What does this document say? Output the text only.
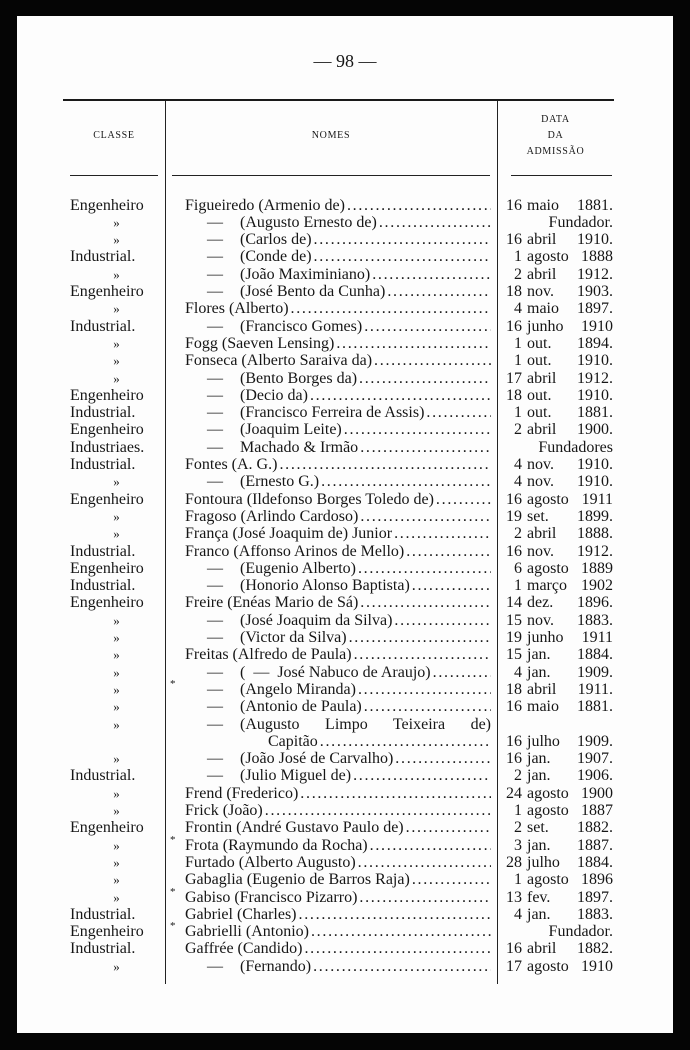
— 98 —
CLASSE	NOMES
DATA
DA
ADMISSÃO
Engenheiro	Figueiredo (Armenio de) .....	16 maio 1881.
»	— (Augusto Ernesto de) .....	Fundador.
»	— (Carlos de) .....	16 abril 1910.
Industrial.	— (Conde de) .....	1 agosto 1888
»	— (João Maximiniano) .....	2 abril 1912.
Engenheiro	— (José Bento da Cunha) .....	18 nov. 1903.
»	Flores (Alberto) .....	4 maio 1897.
Industrial.	— (Francisco Gomes) .....	16 junho 1910
»	Fogg (Saeven Lensing) .....	1 out. 1894.
»	Fonseca (Alberto Saraiva da) .....	1 out. 1910.
»	— (Bento Borges da) .....	17 abril 1912.
Engenheiro	— (Decio da) .....	18 out. 1910.
Industrial.	— (Francisco Ferreira de Assis) .....	1 out. 1881.
Engenheiro	— (Joaquim Leite) .....	2 abril 1900.
Industriaes.	— Machado & Irmão .....	Fundadores
Industrial.	Fontes (A. G.) .....	4 nov. 1910.
»	— (Ernesto G.) .....	4 nov. 1910.
Engenheiro	Fontoura (Ildefonso Borges Toledo de) .....	16 agosto 1911
»	Fragoso (Arlindo Cardoso) .....	19 set. 1899.
»	França (José Joaquim de) Junior .....	2 abril 1888.
Industrial.	Franco (Affonso Arinos de Mello) .....	16 nov. 1912.
Engenheiro	— (Eugenio Alberto) .....	6 agosto 1889
Industrial.	— (Honorio Alonso Baptista) .....	1 março 1902
Engenheiro	Freire (Enéas Mario de Sá) .....	14 dez. 1896.
»	— (José Joaquim da Silva) .....	15 nov. 1883.
»	— (Victor da Silva) .....	19 junho 1911
»	Freitas (Alfredo de Paula) .....	15 jan. 1884.
»	— (  —  José Nabuco de Araujo) .....	4 jan. 1909.
»	* — (Angelo Miranda) .....	18 abril 1911.
»	— (Antonio de Paula) .....	16 maio 1881.
»	— (Augusto Limpo Teixeira de)
Capitão .....	16 julho 1909.
»	— (João José de Carvalho) .....	16 jan. 1907.
Industrial.	— (Julio Miguel de) .....	2 jan. 1906.
»	Frend (Frederico) .....	24 agosto 1900
»	Frick (João) .....	1 agosto 1887
Engenheiro	Frontin (André Gustavo Paulo de) .....	2 set. 1882.
»	* Frota (Raymundo da Rocha) .....	3 jan. 1887.
»	Furtado (Alberto Augusto) .....	28 julho 1884.
»	Gabaglia (Eugenio de Barros Raja) .....	1 agosto 1896
»	* Gabiso (Francisco Pizarro) .....	13 fev. 1897.
Industrial.	Gabriel (Charles) .....	4 jan. 1883.
Engenheiro	* Gabrielli (Antonio) .....	Fundador.
Industrial.	Gaffrée (Candido) .....	16 abril 1882.
»	— (Fernando) .....	17 agosto 1910
